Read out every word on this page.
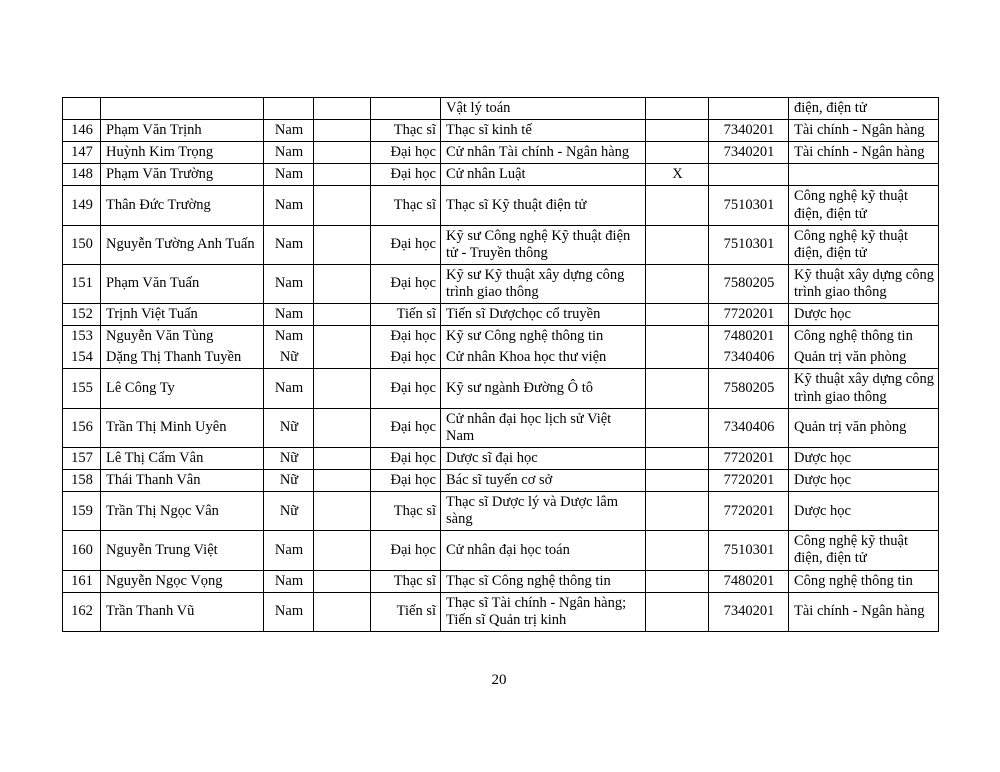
					Vật lý toán			điện, điện tử
146	Phạm Văn Trịnh	Nam		Thạc sĩ	Thạc sĩ kinh tế		7340201	Tài chính - Ngân hàng
147	Huỳnh Kim Trọng	Nam		Đại học	Cử nhân Tài chính - Ngân hàng		7340201	Tài chính - Ngân hàng
148	Phạm Văn Trường	Nam		Đại học	Cử nhân Luật	X		
149	Thân Đức Trường	Nam		Thạc sĩ	Thạc sĩ Kỹ thuật điện tử		7510301	Công nghệ kỹ thuật điện, điện tử
150	Nguyễn Tường Anh Tuấn	Nam		Đại học	Kỹ sư Công nghệ Kỹ thuật điện tử - Truyền thông		7510301	Công nghệ kỹ thuật điện, điện tử
151	Phạm Văn Tuấn	Nam		Đại học	Kỹ sư Kỹ thuật xây dựng công trình giao thông		7580205	Kỹ thuật xây dựng công trình giao thông
152	Trịnh Việt Tuấn	Nam		Tiến sĩ	Tiến sĩ Dượchọc cổ truyền		7720201	Dược học
153	Nguyễn Văn Tùng	Nam		Đại học	Kỹ sư Công nghệ thông tin		7480201	Công nghệ thông tin
154	Dặng Thị Thanh Tuyền	Nữ		Đại học	Cử nhân Khoa học thư viện		7340406	Quản trị văn phòng
155	Lê Công Ty	Nam		Đại học	Kỹ sư ngành Đường Ô tô		7580205	Kỹ thuật xây dựng công trình giao thông
156	Trần Thị Minh Uyên	Nữ		Đại học	Cử nhân đại học lịch sử Việt Nam		7340406	Quản trị văn phòng
157	Lê Thị Cẩm Vân	Nữ		Đại học	Dược sĩ đại học		7720201	Dược học
158	Thái Thanh Vân	Nữ		Đại học	Bác sĩ tuyến cơ sở		7720201	Dược học
159	Trần Thị Ngọc Vân	Nữ		Thạc sĩ	Thạc sĩ Dược lý và Dược lâm sàng		7720201	Dược học
160	Nguyễn Trung Việt	Nam		Đại học	Cử nhân đại học toán		7510301	Công nghệ kỹ thuật điện, điện tử
161	Nguyễn Ngọc Vọng	Nam		Thạc sĩ	Thạc sĩ Công nghệ thông tin		7480201	Công nghệ thông tin
162	Trần Thanh Vũ	Nam		Tiến sĩ	Thạc sĩ Tài chính - Ngân hàng; Tiến sĩ Quản trị kinh		7340201	Tài chính - Ngân hàng
20
